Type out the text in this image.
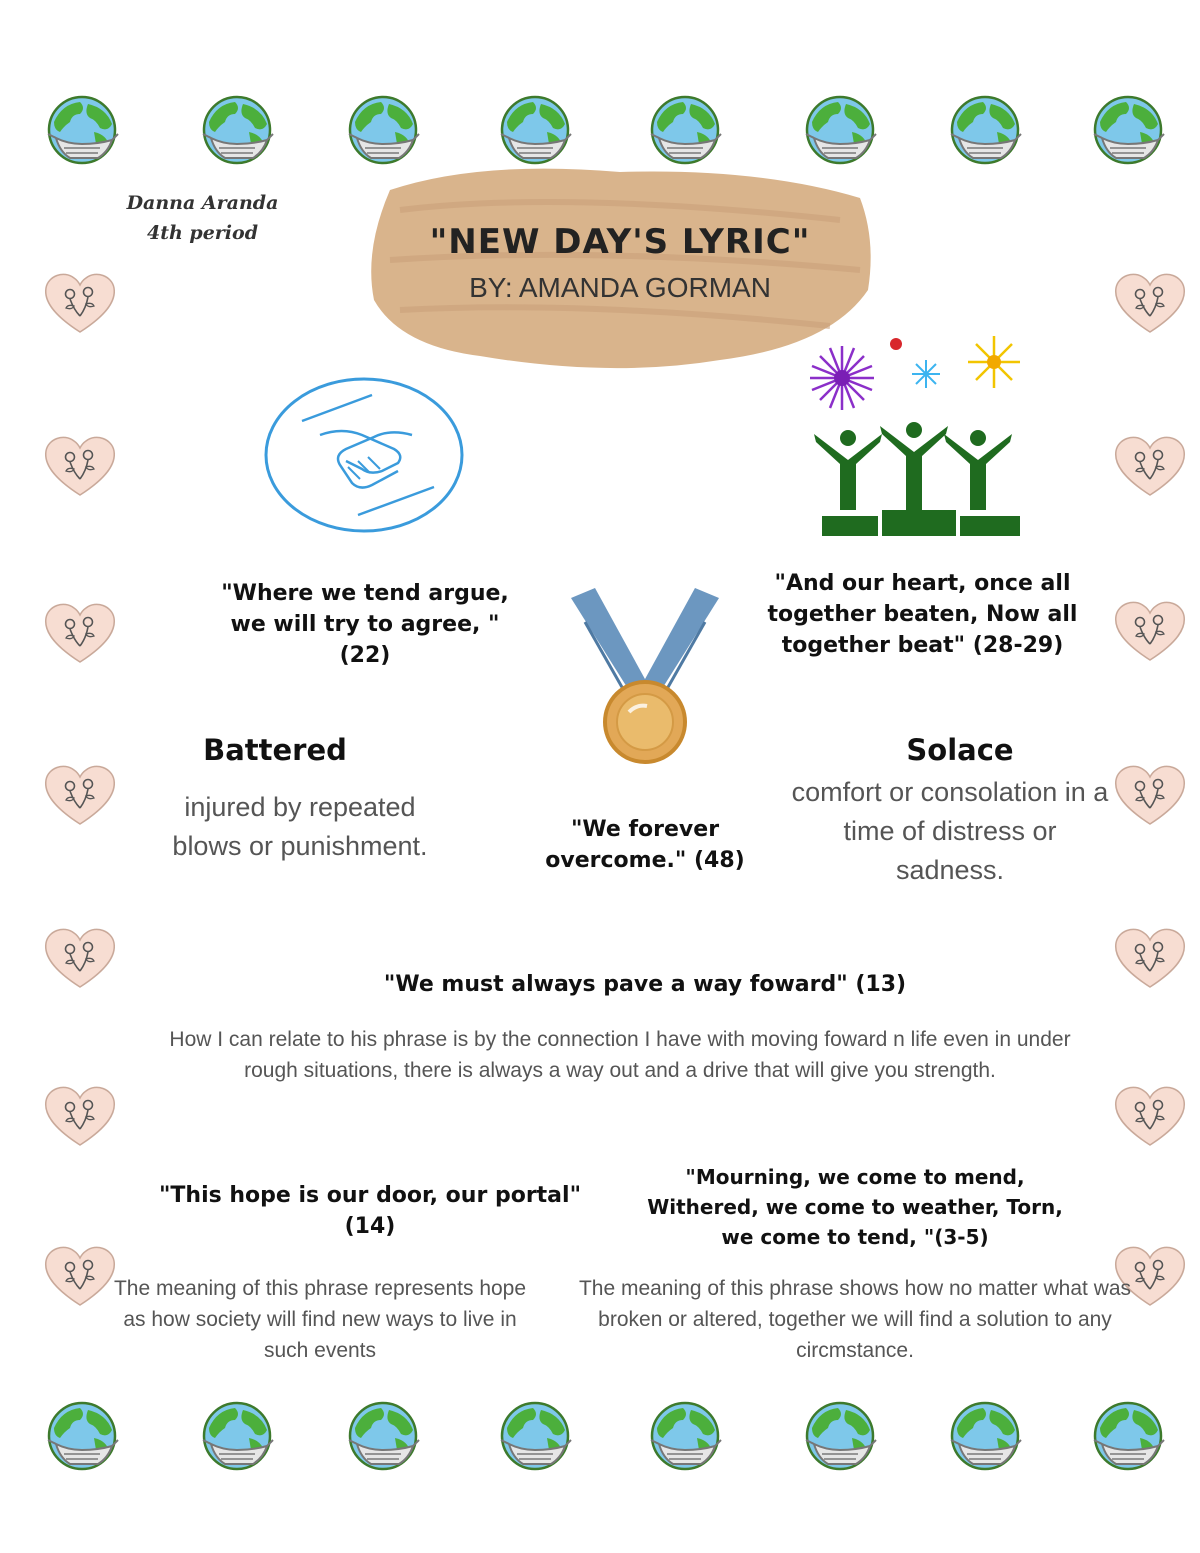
Danna Aranda
4th period	"NEW DAY'S LYRIC"
BY: AMANDA GORMAN
"Where we tend argue, we will try to agree, "(22)
"And our heart, once all together beaten, Now all together beat" (28-29)
"We forever overcome." (48)
Battered
injured by repeated blows or punishment.
Solace
comfort or consolation in a time of distress or sadness.
"We must always pave a way foward" (13)
How I can relate to his phrase is by the connection I have with moving foward n life even in under rough situations, there is always a way out and a drive that will give you strength.
"This hope is our door, our portal"(14)
The meaning of this phrase represents hope as how society will find new ways to live in such events
"Mourning, we come to mend, Withered, we come to weather, Torn, we come to tend, "(3-5)
The meaning of this phrase shows how no matter what was broken or altered, together we will find a solution to any circmstance.
